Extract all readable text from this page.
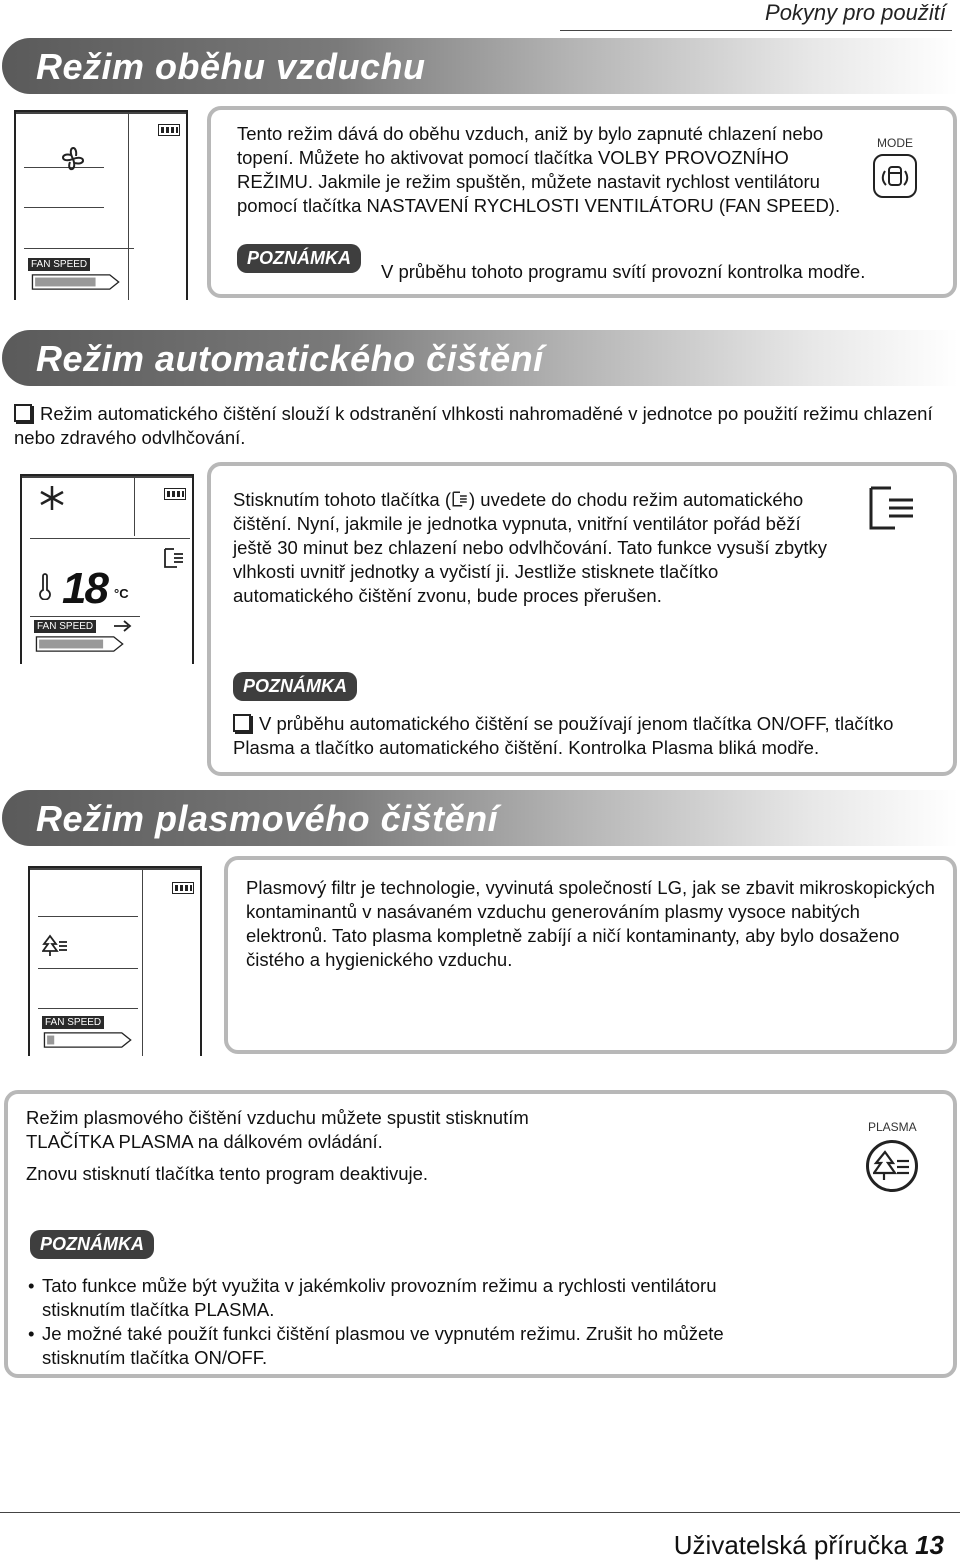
Pokyny pro použití
Režim oběhu vzduchu
FAN SPEED
Tento režim dává do oběhu vzduch, aniž by bylo zapnuté chlazení nebo topení. Můžete ho aktivovat pomocí tlačítka VOLBY PROVOZNÍHO REŽIMU. Jakmile je režim spuštěn, můžete nastavit rychlost ventilátoru pomocí tlačítka NASTAVENÍ RYCHLOSTI VENTILÁTORU (FAN SPEED).
POZNÁMKA
V průběhu tohoto programu svítí provozní kontrolka modře.
MODE
Režim automatického čištění
Režim automatického čištění slouží k odstranění vlhkosti nahromaděné v jednotce po použití režimu chlazení nebo zdravého odvlhčování.
18 °C
FAN SPEED
Stisknutím tohoto tlačítka ( ) uvedete do chodu režim automatického čištění. Nyní, jakmile je jednotka vypnuta, vnitřní ventilátor pořád běží ještě 30 minut bez chlazení nebo odvlhčování. Tato funkce vysuší zbytky vlhkosti uvnitř jednotky a vyčistí ji. Jestliže stisknete tlačítko automatického čištění zvonu, bude proces přerušen.
POZNÁMKA
V průběhu automatického čištění se používají jenom tlačítka ON/OFF, tlačítko Plasma a tlačítko automatického čištění. Kontrolka Plasma bliká modře.
Režim plasmového čištění
FAN SPEED
Plasmový filtr je technologie, vyvinutá společností LG, jak se zbavit mikroskopických kontaminantů v nasávaném vzduchu generováním plasmy vysoce nabitých elektronů. Tato plasma kompletně zabíjí a ničí kontaminanty, aby bylo dosaženo čistého a hygienického vzduchu.
Režim plasmového čištění vzduchu můžete spustit stisknutím TLAČÍTKA PLASMA na dálkovém ovládání.
Znovu stisknutí tlačítka tento program deaktivuje.
PLASMA
POZNÁMKA
• Tato funkce může být využita v jakémkoliv provozním režimu a rychlosti ventilátoru stisknutím tlačítka PLASMA.
• Je možné také použít funkci čištění plasmou ve vypnutém režimu. Zrušit ho můžete stisknutím tlačítka ON/OFF.
Uživatelská příručka 13
